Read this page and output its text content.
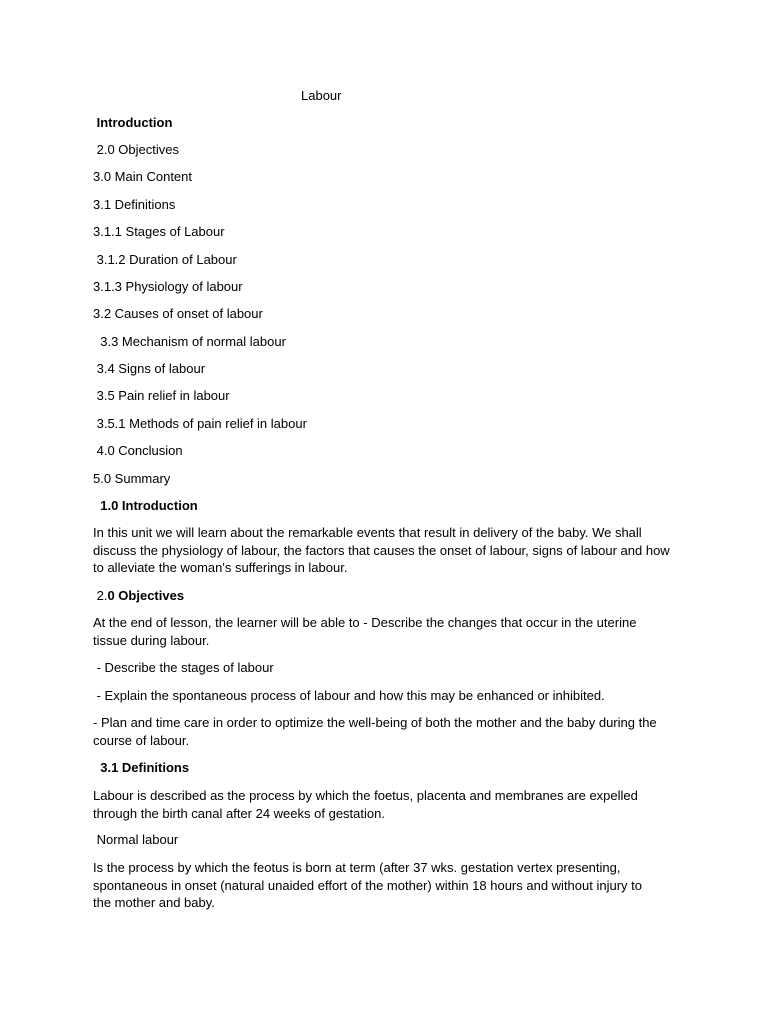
Labour
Introduction
2.0 Objectives
3.0 Main Content
3.1 Definitions
3.1.1 Stages of Labour
3.1.2 Duration of Labour
3.1.3 Physiology of labour
3.2 Causes of onset of labour
3.3 Mechanism of normal labour
3.4 Signs of labour
3.5 Pain relief in labour
3.5.1 Methods of pain relief in labour
4.0 Conclusion
5.0 Summary
1.0 Introduction
In this unit we will learn about the remarkable events that result in delivery of the baby. We shall
discuss the physiology of labour, the factors that causes the onset of labour, signs of labour and how
to alleviate the woman's sufferings in labour.
2.0 Objectives
At the end of lesson, the learner will be able to - Describe the changes that occur in the uterine
tissue during labour.
- Describe the stages of labour
- Explain the spontaneous process of labour and how this may be enhanced or inhibited.
- Plan and time care in order to optimize the well-being of both the mother and the baby during the
course of labour.
3.1 Definitions
Labour is described as the process by which the foetus, placenta and membranes are expelled
through the birth canal after 24 weeks of gestation.
Normal labour
Is the process by which the feotus is born at term (after 37 wks. gestation vertex presenting,
spontaneous in onset (natural unaided effort of the mother) within 18 hours and without injury to
the mother and baby.
